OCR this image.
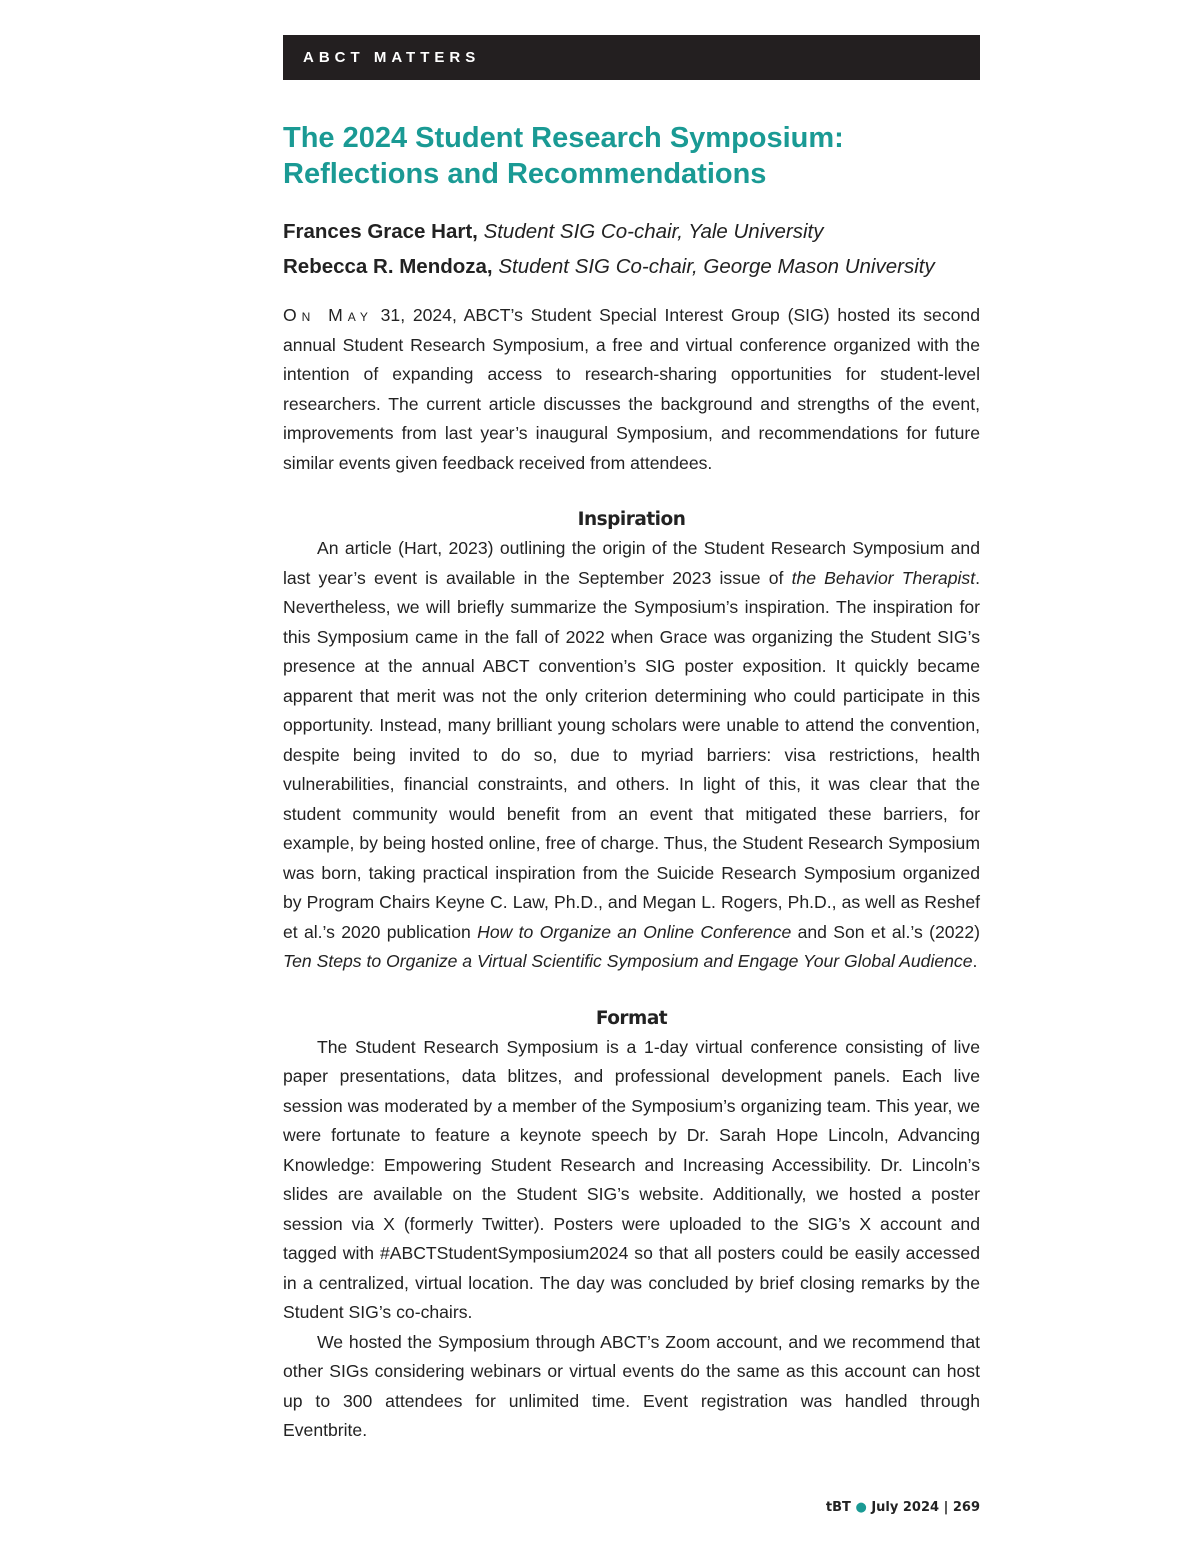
ABCT MATTERS
The 2024 Student Research Symposium:
Reflections and Recommendations
Frances Grace Hart, Student SIG Co-chair, Yale University
Rebecca R. Mendoza, Student SIG Co-chair, George Mason University

On May 31, 2024, ABCT’s Student Special Interest Group (SIG) hosted its second annual Student Research Symposium, a free and virtual conference organized with the intention of expanding access to research-sharing opportunities for student-level researchers. The current article discusses the background and strengths of the event, improvements from last year’s inaugural Symposium, and recommendations for future similar events given feedback received from attendees.

Inspiration

An article (Hart, 2023) outlining the origin of the Student Research Symposium and last year’s event is available in the September 2023 issue of the Behavior Therapist. Nevertheless, we will briefly summarize the Symposium’s inspiration. The inspiration for this Symposium came in the fall of 2022 when Grace was organizing the Student SIG’s presence at the annual ABCT convention’s SIG poster exposition. It quickly became apparent that merit was not the only criterion determining who could participate in this opportunity. Instead, many brilliant young scholars were unable to attend the convention, despite being invited to do so, due to myriad barriers: visa restrictions, health vulnerabilities, financial constraints, and others. In light of this, it was clear that the student community would benefit from an event that mitigated these barriers, for example, by being hosted online, free of charge. Thus, the Student Research Symposium was born, taking practical inspiration from the Suicide Research Symposium organized by Program Chairs Keyne C. Law, Ph.D., and Megan L. Rogers, Ph.D., as well as Reshef et al.’s 2020 publication How to Organize an Online Conference and Son et al.’s (2022) Ten Steps to Organize a Virtual Scientific Symposium and Engage Your Global Audience.

Format

The Student Research Symposium is a 1-day virtual conference consisting of live paper presentations, data blitzes, and professional development panels. Each live session was moderated by a member of the Symposium’s organizing team. This year, we were fortunate to feature a keynote speech by Dr. Sarah Hope Lincoln, Advancing Knowledge: Empowering Student Research and Increasing Accessibility. Dr. Lincoln’s slides are available on the Student SIG’s website. Additionally, we hosted a poster session via X (formerly Twitter). Posters were uploaded to the SIG’s X account and tagged with #ABCTStudentSymposium2024 so that all posters could be easily accessed in a centralized, virtual location. The day was concluded by brief closing remarks by the Student SIG’s co-chairs.

We hosted the Symposium through ABCT’s Zoom account, and we recommend that other SIGs considering webinars or virtual events do the same as this account can host up to 300 attendees for unlimited time. Event registration was handled through Eventbrite.

tBT ● July 2024 | 269
